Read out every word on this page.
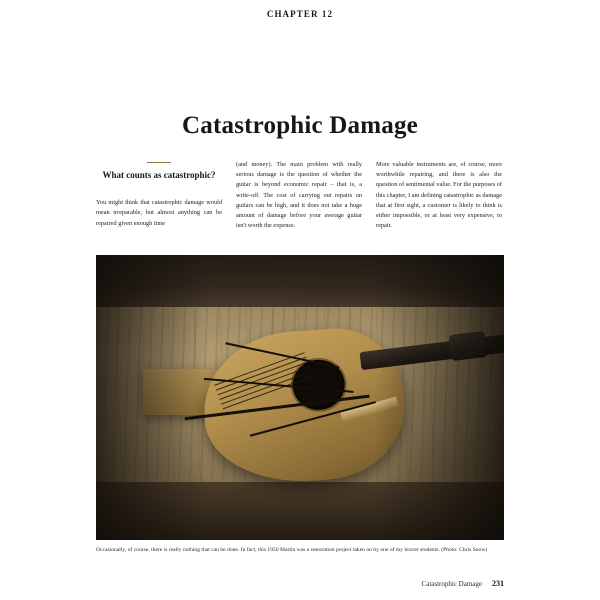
CHAPTER 12
Catastrophic Damage
What counts as catastrophic?

You might think that catastrophic damage would mean irreparable, but almost anything can be repaired given enough time

(and money). The main problem with really serious damage is the question of whether the guitar is beyond economic repair – that is, a write-off. The cost of carrying out repairs on guitars can be high, and it does not take a huge amount of damage before your average guitar isn't worth the expense.

More valuable instruments are, of course, more worthwhile repairing, and there is also the question of sentimental value. For the purposes of this chapter, I am defining catastrophic as damage that at first sight, a customer is likely to think is either impossible, or at least very expensive, to repair.

Occasionally, of course, there is really nothing that can be done. In fact, this 1950 Martin was a restoration project taken on by one of my braver students. (Photo: Chris Snow)
Catastrophic Damage 231
